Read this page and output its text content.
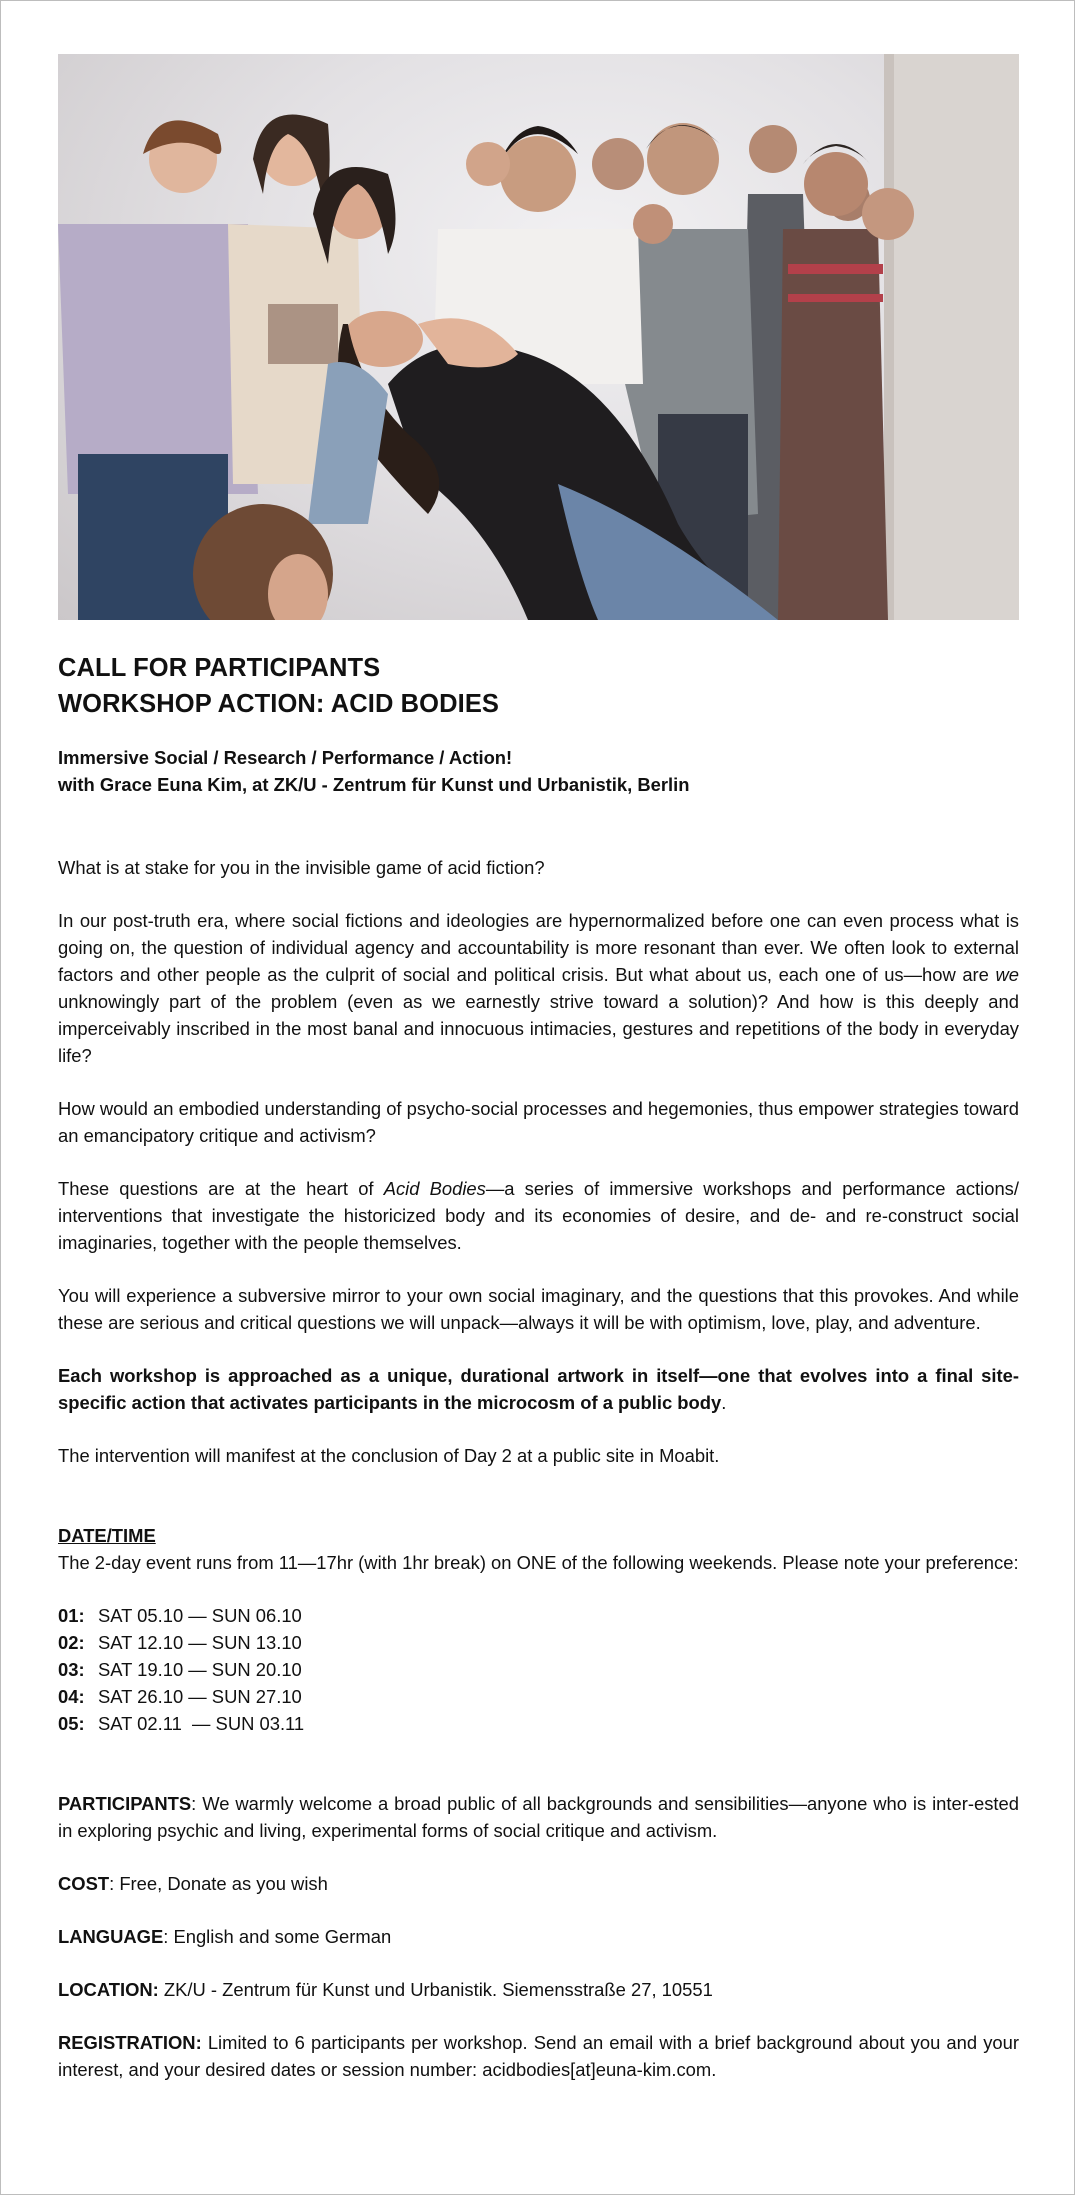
CALL FOR PARTICIPANTS
WORKSHOP ACTION: ACID BODIES
Immersive Social / Research / Performance / Action!
with Grace Euna Kim, at ZK/U - Zentrum für Kunst und Urbanistik, Berlin

What is at stake for you in the invisible game of acid fiction?

In our post-truth era, where social fictions and ideologies are hypernormalized before one can even process what is going on, the question of individual agency and accountability is more resonant than ever. We often look to external factors and other people as the culprit of social and political crisis. But what about us, each one of us—how are we unknowingly part of the problem (even as we earnestly strive toward a solution)? And how is this deeply and imperceivably inscribed in the most banal and innocuous intimacies, gestures and repetitions of the body in everyday life?

How would an embodied understanding of psycho-social processes and hegemonies, thus empower strategies toward an emancipatory critique and activism?

These questions are at the heart of Acid Bodies—a series of immersive workshops and performance actions/ interventions that investigate the historicized body and its economies of desire, and de- and re-construct social imaginaries, together with the people themselves.

You will experience a subversive mirror to your own social imaginary, and the questions that this provokes. And while these are serious and critical questions we will unpack—always it will be with optimism, love, play, and adventure.

Each workshop is approached as a unique, durational artwork in itself—one that evolves into a final site-specific action that activates participants in the microcosm of a public body.

The intervention will manifest at the conclusion of Day 2 at a public site in Moabit.

DATE/TIME
The 2-day event runs from 11—17hr (with 1hr break) on ONE of the following weekends. Please note your preference:
01: SAT 05.10 — SUN 06.10
02: SAT 12.10 — SUN 13.10
03: SAT 19.10 — SUN 20.10
04: SAT 26.10 — SUN 27.10
05: SAT 02.11  — SUN 03.11

PARTICIPANTS: We warmly welcome a broad public of all backgrounds and sensibilities—anyone who is inter-ested in exploring psychic and living, experimental forms of social critique and activism.

COST: Free, Donate as you wish

LANGUAGE: English and some German

LOCATION: ZK/U - Zentrum für Kunst und Urbanistik. Siemensstraße 27, 10551

REGISTRATION: Limited to 6 participants per workshop. Send an email with a brief background about you and your interest, and your desired dates or session number: acidbodies[at]euna-kim.com.
